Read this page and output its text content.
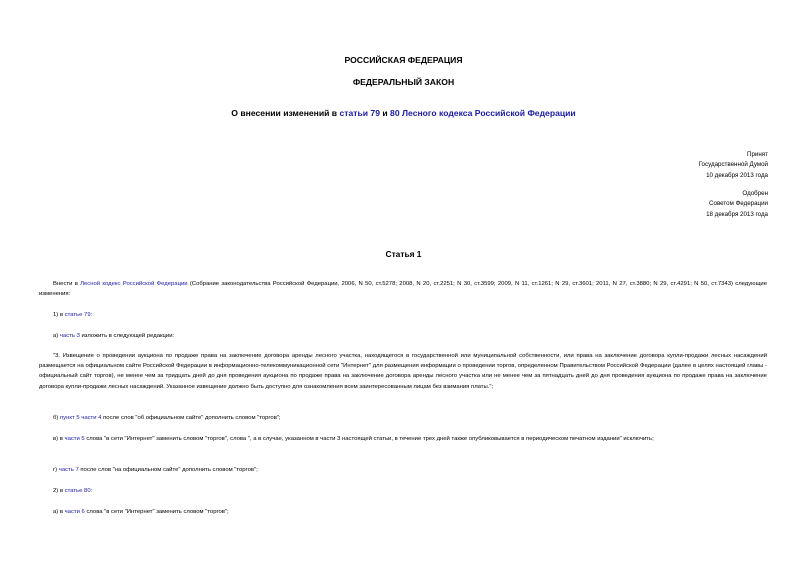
РОССИЙСКАЯ ФЕДЕРАЦИЯ
ФЕДЕРАЛЬНЫЙ ЗАКОН
О внесении изменений в статьи 79 и 80 Лесного кодекса Российской Федерации
Принят
Государственной Думой
10 декабря 2013 года
Одобрен
Советом Федерации
18 декабря 2013 года
Статья 1
Внести в Лесной кодекс Российской Федерации (Собрание законодательства Российской Федерации, 2006, N 50, ст.5278; 2008, N 20, ст.2251; N 30, ст.3599; 2009, N 11, ст.1261; N 29, ст.3601; 2011, N 27, ст.3880; N 29, ст.4291; N 50, ст.7343) следующие изменения:
1) в статье 79:
а) часть 3 изложить в следующей редакции:
"3. Извещение о проведении аукциона по продаже права на заключение договора аренды лесного участка, находящегося в государственной или муниципальной собственности, или права на заключение договора купли-продажи лесных насаждений размещается на официальном сайте Российской Федерации в информационно-телекоммуникационной сети "Интернет" для размещения информации о проведении торгов, определенном Правительством Российской Федерации (далее в целях настоящей главы - официальный сайт торгов), не менее чем за тридцать дней до дня проведения аукциона по продаже права на заключение договора аренды лесного участка или не менее чем за пятнадцать дней до дня проведения аукциона по продаже права на заключение договора купли-продажи лесных насаждений. Указанное извещение должно быть доступно для ознакомления всем заинтересованным лицам без взимания платы.";
б) пункт 5 части 4 после слов "об официальном сайте" дополнить словом "торгов";
в) в части 5 слова "в сети "Интернет" заменить словом "торгов", слова ", а в случае, указанном в части 3 настоящей статьи, в течение трех дней также опубликовывается в периодическом печатном издании" исключить;
г) часть 7 после слов "на официальном сайте" дополнить словом "торгов";
2) в статье 80:
а) в части 6 слова "в сети "Интернет" заменить словом "торгов";
